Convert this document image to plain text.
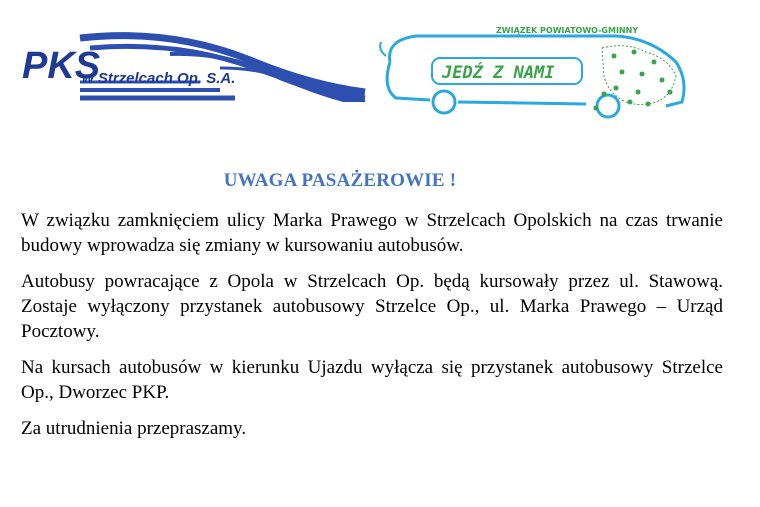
PKS
w Strzelcach Op. S.A.	JEDŹ Z NAMI
ZWIĄZEK POWIATOWO-GMINNY
UWAGA PASAŻEROWIE !

W związku zamknięciem ulicy Marka Prawego w Strzelcach Opolskich na czas trwanie budowy wprowadza się zmiany w kursowaniu autobusów.

Autobusy powracające z Opola w Strzelcach Op. będą kursowały przez ul. Stawową. Zostaje wyłączony przystanek autobusowy Strzelce Op., ul. Marka Prawego – Urząd Pocztowy.

Na kursach autobusów w kierunku Ujazdu wyłącza się przystanek autobusowy Strzelce Op., Dworzec PKP.

Za utrudnienia przepraszamy.
